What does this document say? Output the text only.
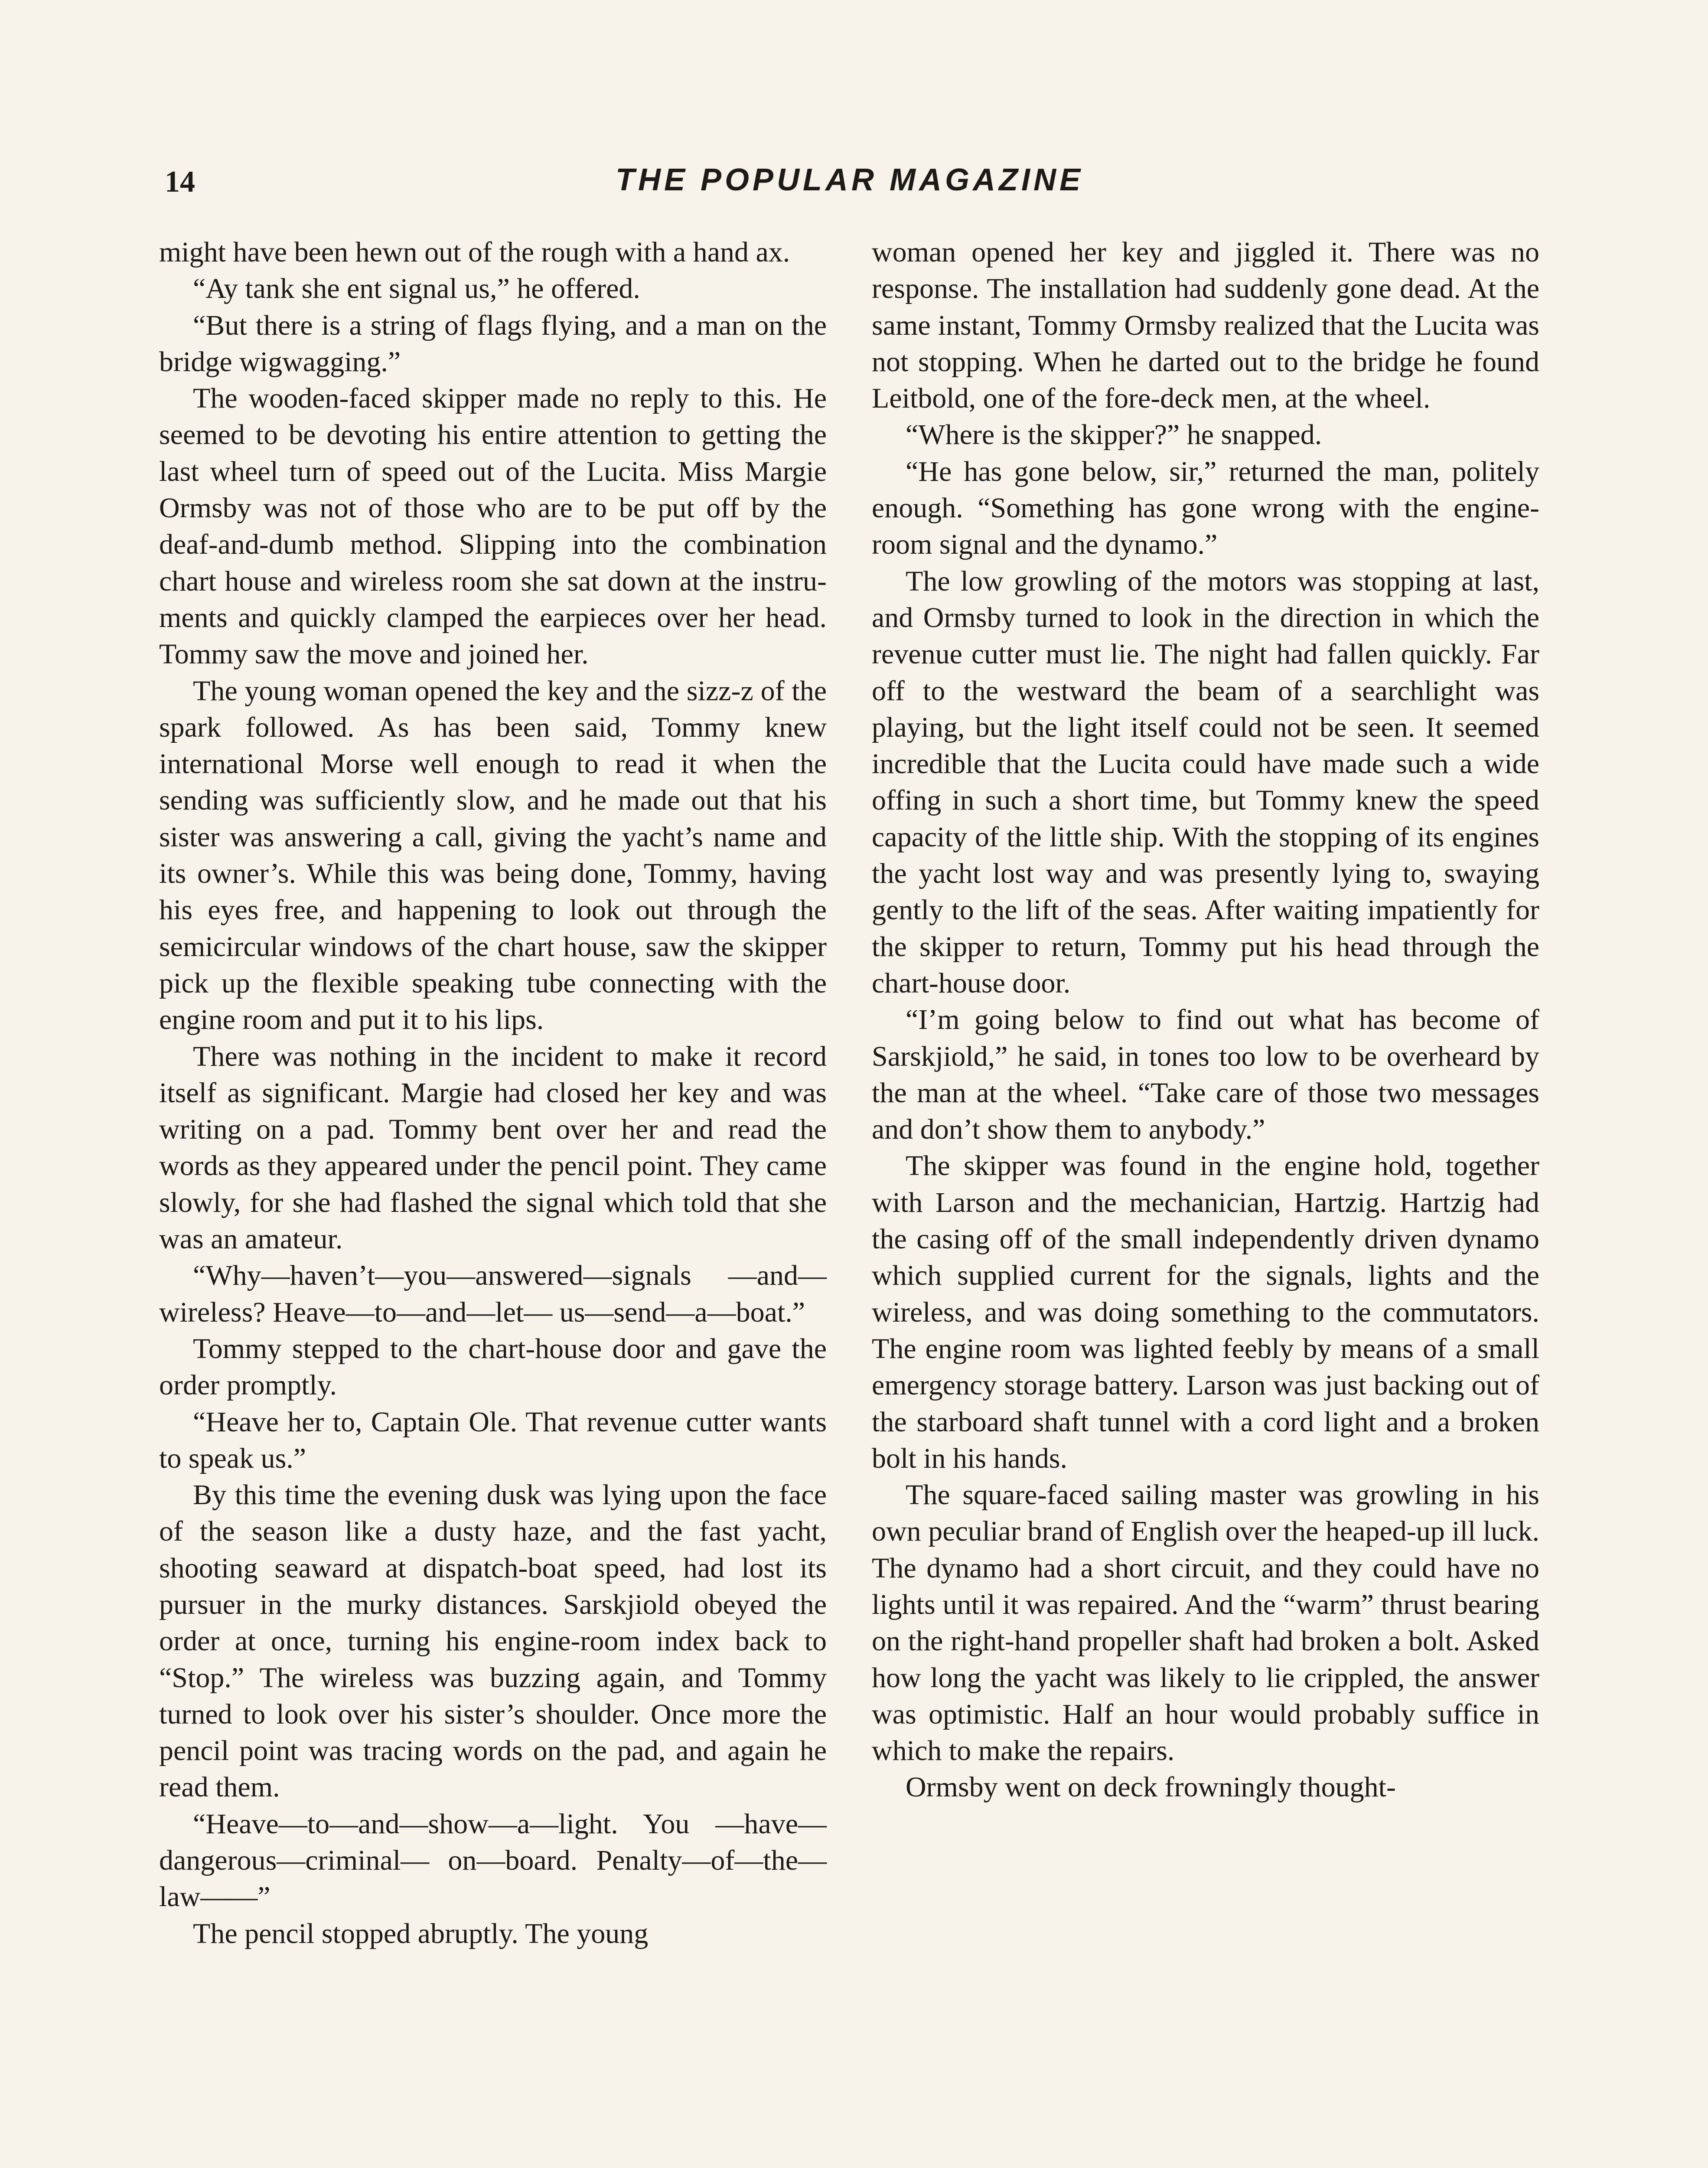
14	THE POPULAR MAGAZINE

might have been hewn out of the rough with a hand ax.

“Ay tank she ent signal us,” he offered.

“But there is a string of flags flying, and a man on the bridge wigwagging.”

The wooden-faced skipper made no reply to this. He seemed to be devoting his entire attention to getting the last wheel turn of speed out of the Lucita. Miss Margie Ormsby was not of those who are to be put off by the deaf-and-dumb method. Slipping into the combination chart house and wireless room she sat down at the instruments and quickly clamped the earpieces over her head. Tommy saw the move and joined her.

The young woman opened the key and the sizz-z of the spark followed. As has been said, Tommy knew international Morse well enough to read it when the sending was sufficiently slow, and he made out that his sister was answering a call, giving the yacht’s name and its owner’s. While this was being done, Tommy, having his eyes free, and happening to look out through the semicircular windows of the chart house, saw the skipper pick up the flexible speaking tube connecting with the engine room and put it to his lips.

There was nothing in the incident to make it record itself as significant. Margie had closed her key and was writing on a pad. Tommy bent over her and read the words as they appeared under the pencil point. They came slowly, for she had flashed the signal which told that she was an amateur.

“Why—haven’t—you—answered—signals —and—wireless? Heave—to—and—let— us—send—a—boat.”

Tommy stepped to the chart-house door and gave the order promptly.

“Heave her to, Captain Ole. That revenue cutter wants to speak us.”

By this time the evening dusk was lying upon the face of the season like a dusty haze, and the fast yacht, shooting seaward at dispatch-boat speed, had lost its pursuer in the murky distances. Sarskjiold obeyed the order at once, turning his engine-room index back to “Stop.” The wireless was buzzing again, and Tommy turned to look over his sister’s shoulder. Once more the pencil point was tracing words on the pad, and again he read them.

“Heave—to—and—show—a—light. You —have—dangerous—criminal— on—board. Penalty—of—the—law——”

The pencil stopped abruptly. The young

woman opened her key and jiggled it. There was no response. The installation had suddenly gone dead. At the same instant, Tommy Ormsby realized that the Lucita was not stopping. When he darted out to the bridge he found Leitbold, one of the fore-deck men, at the wheel.

“Where is the skipper?” he snapped.

“He has gone below, sir,” returned the man, politely enough. “Something has gone wrong with the engine-room signal and the dynamo.”

The low growling of the motors was stopping at last, and Ormsby turned to look in the direction in which the revenue cutter must lie. The night had fallen quickly. Far off to the westward the beam of a searchlight was playing, but the light itself could not be seen. It seemed incredible that the Lucita could have made such a wide offing in such a short time, but Tommy knew the speed capacity of the little ship. With the stopping of its engines the yacht lost way and was presently lying to, swaying gently to the lift of the seas. After waiting impatiently for the skipper to return, Tommy put his head through the chart-house door.

“I’m going below to find out what has become of Sarskjiold,” he said, in tones too low to be overheard by the man at the wheel. “Take care of those two messages and don’t show them to anybody.”

The skipper was found in the engine hold, together with Larson and the mechanician, Hartzig. Hartzig had the casing off of the small independently driven dynamo which supplied current for the signals, lights and the wireless, and was doing something to the commutators. The engine room was lighted feebly by means of a small emergency storage battery. Larson was just backing out of the starboard shaft tunnel with a cord light and a broken bolt in his hands.

The square-faced sailing master was growling in his own peculiar brand of English over the heaped-up ill luck. The dynamo had a short circuit, and they could have no lights until it was repaired. And the “warm” thrust bearing on the right-hand propeller shaft had broken a bolt. Asked how long the yacht was likely to lie crippled, the answer was optimistic. Half an hour would probably suffice in which to make the repairs.

Ormsby went on deck frowningly thought-
